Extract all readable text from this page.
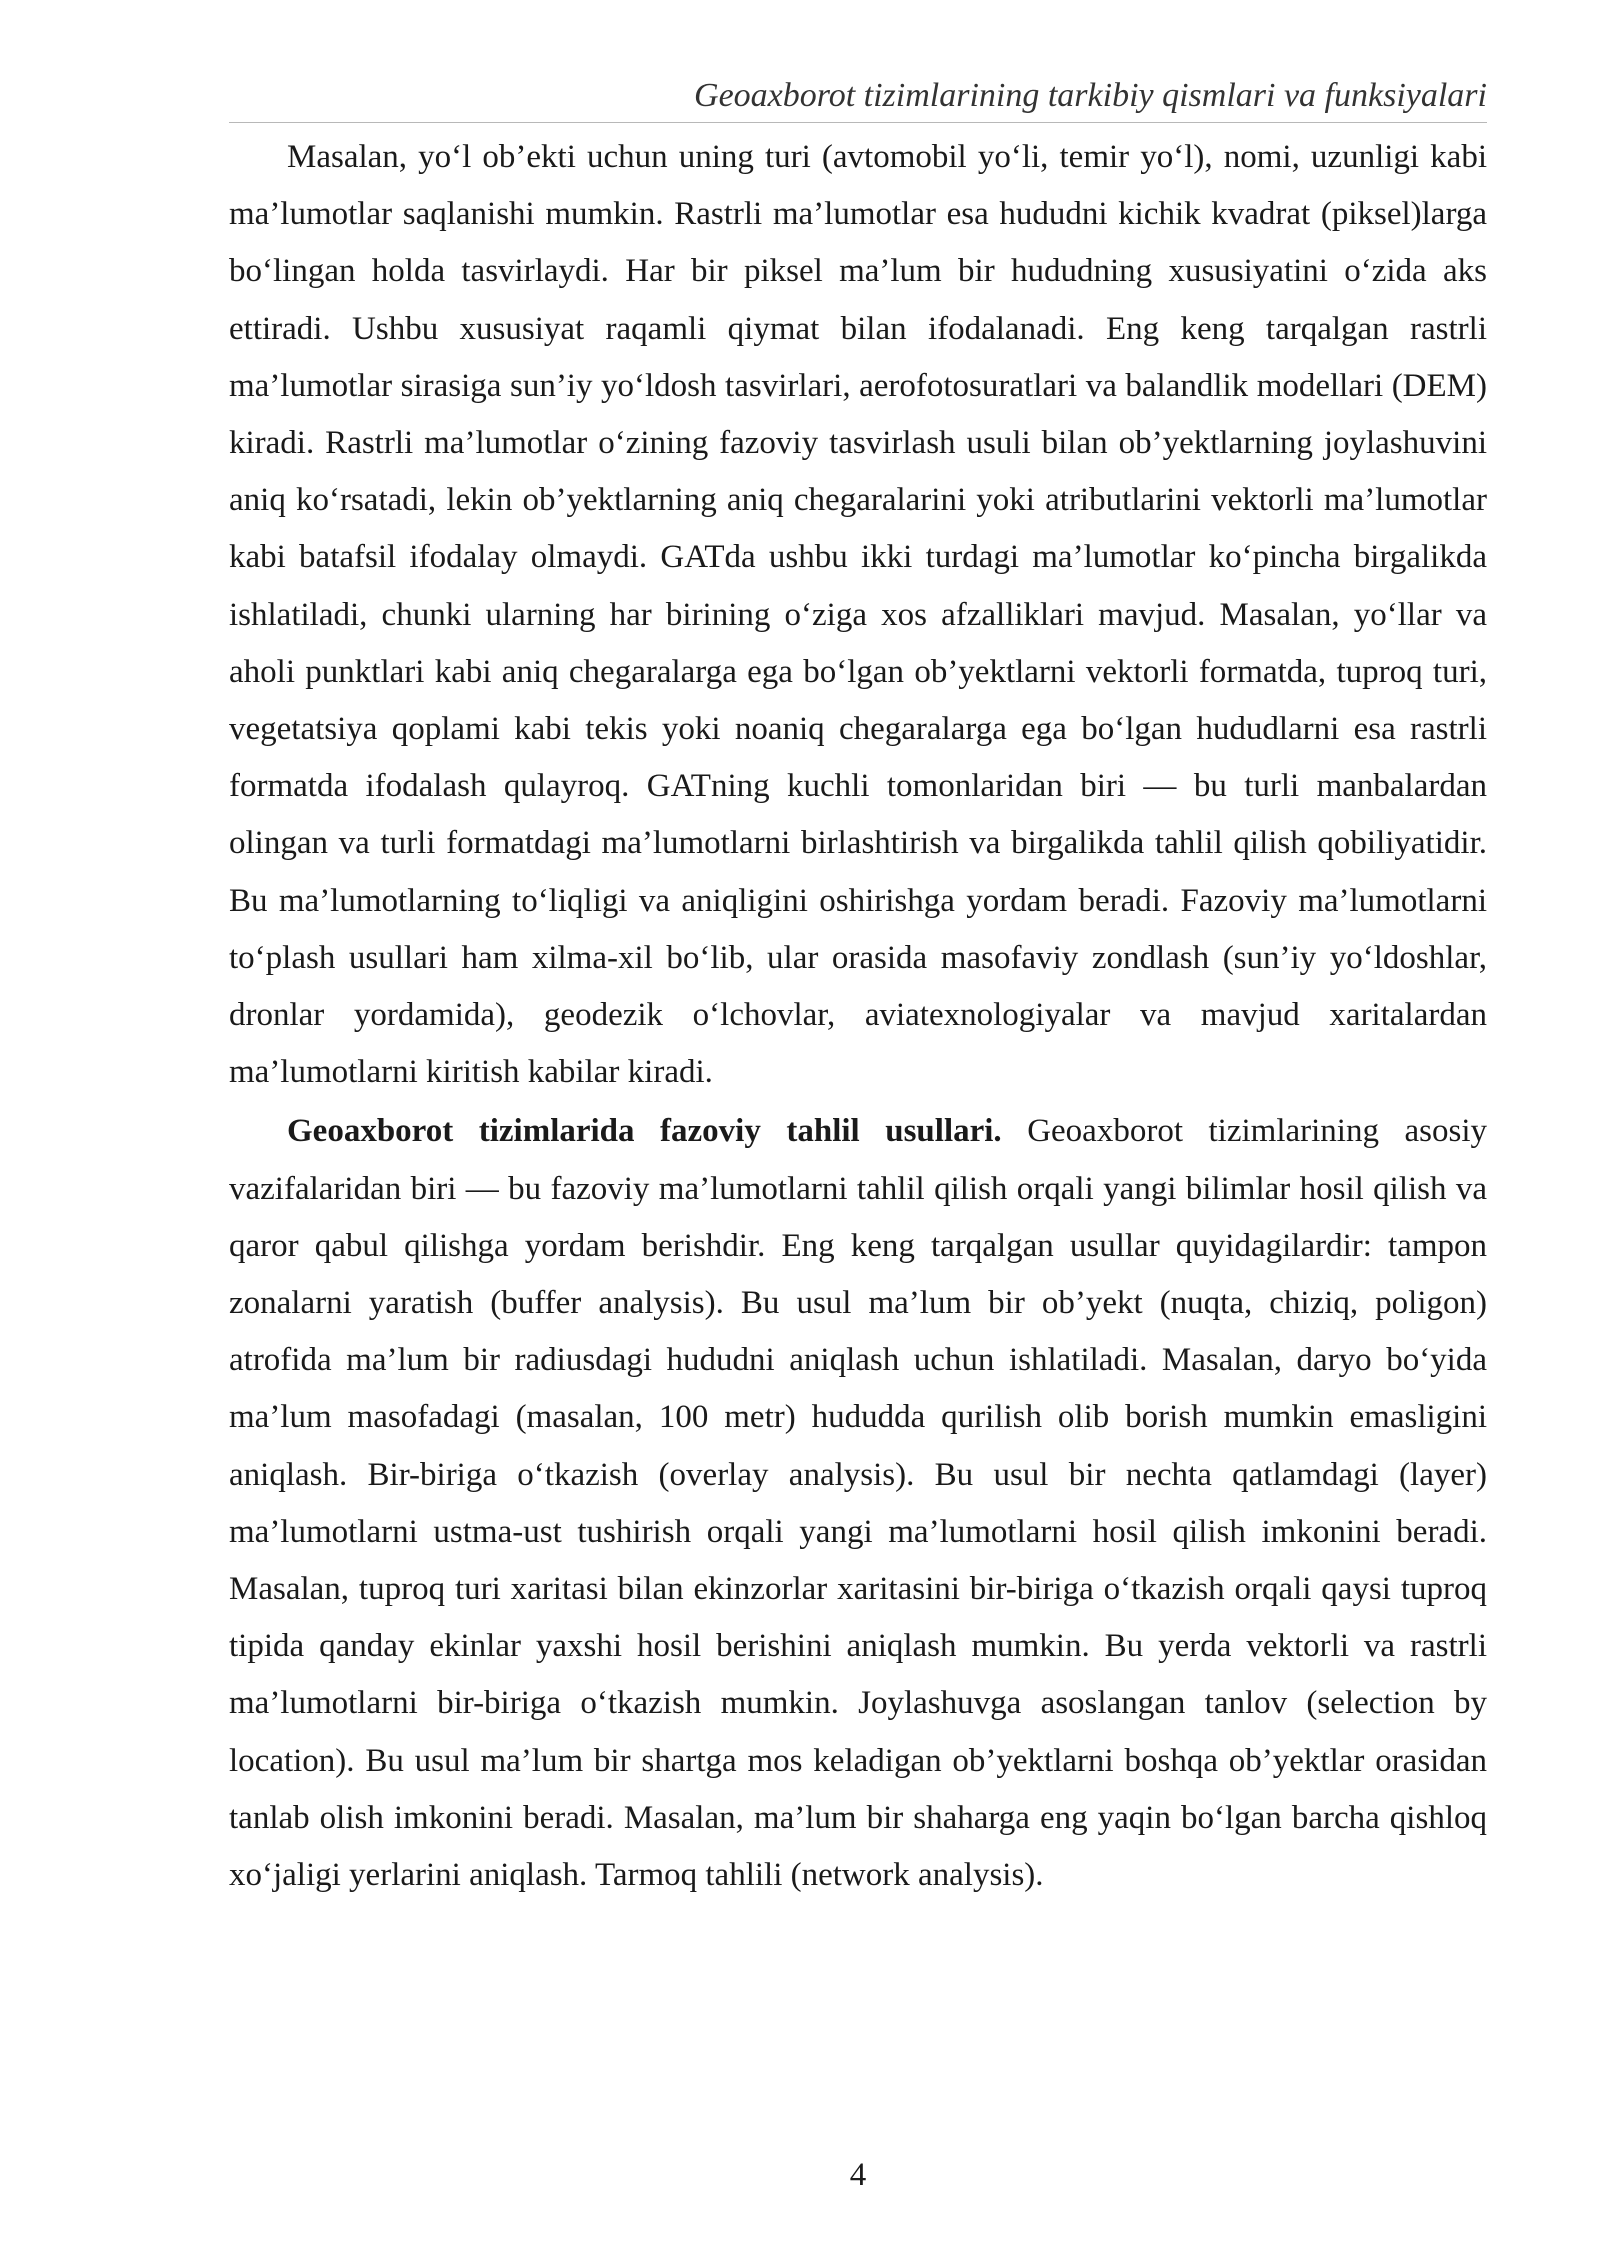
Geoaxborot tizimlarining tarkibiy qismlari va funksiyalari

Masalan, yo‘l ob’ekti uchun uning turi (avtomobil yo‘li, temir yo‘l), nomi, uzunligi kabi ma’lumotlar saqlanishi mumkin. Rastrli ma’lumotlar esa hududni kichik kvadrat (piksel)larga bo‘lingan holda tasvirlaydi. Har bir piksel ma’lum bir hududning xususiyatini o‘zida aks ettiradi. Ushbu xususiyat raqamli qiymat bilan ifodalanadi. Eng keng tarqalgan rastrli ma’lumotlar sirasiga sun’iy yo‘ldosh tasvirlari, aerofotosuratlari va balandlik modellari (DEM) kiradi. Rastrli ma’lumotlar o‘zining fazoviy tasvirlash usuli bilan ob’yektlarning joylashuvini aniq ko‘rsatadi, lekin ob’yektlarning aniq chegaralarini yoki atributlarini vektorli ma’lumotlar kabi batafsil ifodalay olmaydi. GATda ushbu ikki turdagi ma’lumotlar ko‘pincha birgalikda ishlatiladi, chunki ularning har birining o‘ziga xos afzalliklari mavjud. Masalan, yo‘llar va aholi punktlari kabi aniq chegaralarga ega bo‘lgan ob’yektlarni vektorli formatda, tuproq turi, vegetatsiya qoplami kabi tekis yoki noaniq chegaralarga ega bo‘lgan hududlarni esa rastrli formatda ifodalash qulayroq. GATning kuchli tomonlaridan biri — bu turli manbalardan olingan va turli formatdagi ma’lumotlarni birlashtirish va birgalikda tahlil qilish qobiliyatidir. Bu ma’lumotlarning to‘liqligi va aniqligini oshirishga yordam beradi. Fazoviy ma’lumotlarni to‘plash usullari ham xilma-xil bo‘lib, ular orasida masofaviy zondlash (sun’iy yo‘ldoshlar, dronlar yordamida), geodezik o‘lchovlar, aviatexnologiyalar va mavjud xaritalardan ma’lumotlarni kiritish kabilar kiradi.

Geoaxborot tizimlarida fazoviy tahlil usullari. Geoaxborot tizimlarining asosiy vazifalaridan biri — bu fazoviy ma’lumotlarni tahlil qilish orqali yangi bilimlar hosil qilish va qaror qabul qilishga yordam berishdir. Eng keng tarqalgan usullar quyidagilardir: tampon zonalarni yaratish (buffer analysis). Bu usul ma’lum bir ob’yekt (nuqta, chiziq, poligon) atrofida ma’lum bir radiusdagi hududni aniqlash uchun ishlatiladi. Masalan, daryo bo‘yida ma’lum masofadagi (masalan, 100 metr) hududda qurilish olib borish mumkin emasligini aniqlash. Bir-biriga o‘tkazish (overlay analysis). Bu usul bir nechta qatlamdagi (layer) ma’lumotlarni ustma-ust tushirish orqali yangi ma’lumotlarni hosil qilish imkonini beradi. Masalan, tuproq turi xaritasi bilan ekinzorlar xaritasini bir-biriga o‘tkazish orqali qaysi tuproq tipida qanday ekinlar yaxshi hosil berishini aniqlash mumkin. Bu yerda vektorli va rastrli ma’lumotlarni bir-biriga o‘tkazish mumkin. Joylashuvga asoslangan tanlov (selection by location). Bu usul ma’lum bir shartga mos keladigan ob’yektlarni boshqa ob’yektlar orasidan tanlab olish imkonini beradi. Masalan, ma’lum bir shaharga eng yaqin bo‘lgan barcha qishloq xo‘jaligi yerlarini aniqlash. Tarmoq tahlili (network analysis).

4
